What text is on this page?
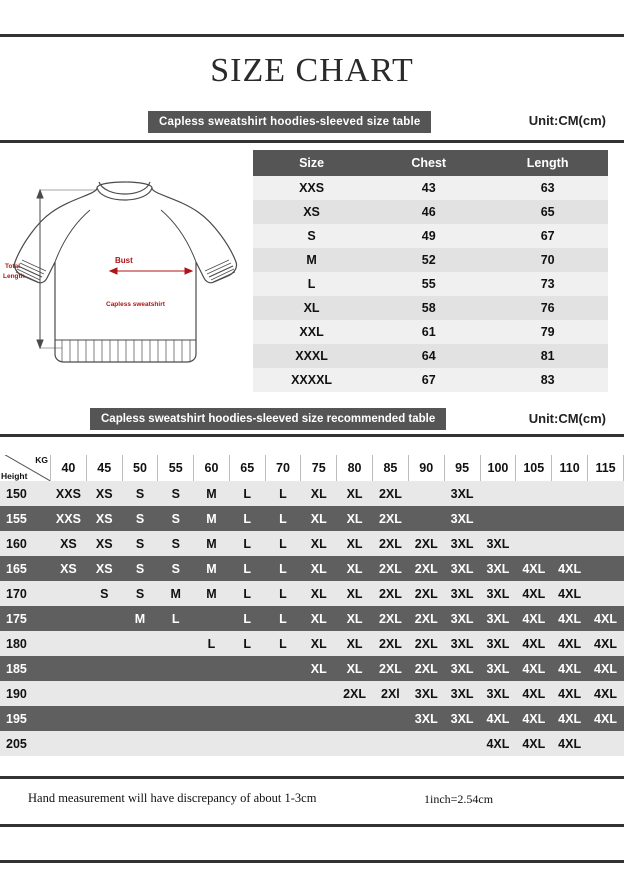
SIZE CHART
Capless sweatshirt hoodies-sleeved size table	Unit:CM(cm)
Bust
Total
Length
Capless sweatshirt
Size	Chest	Length
XXS	43	63
XS	46	65
S	49	67
M	52	70
L	55	73
XL	58	76
XXL	61	79
XXXL	64	81
XXXXL	67	83
Capless sweatshirt hoodies-sleeved size recommended table	Unit:CM(cm)
KG
Height	40	45	50	55	60	65	70	75	80	85	90	95	100	105	110	115
150	XXS	XS	S	S	M	L	L	XL	XL	2XL		3XL				
155	XXS	XS	S	S	M	L	L	XL	XL	2XL		3XL				
160	XS	XS	S	S	M	L	L	XL	XL	2XL	2XL	3XL	3XL			
165	XS	XS	S	S	M	L	L	XL	XL	2XL	2XL	3XL	3XL	4XL	4XL	
170		S	S	M	M	L	L	XL	XL	2XL	2XL	3XL	3XL	4XL	4XL	
175			M	L		L	L	XL	XL	2XL	2XL	3XL	3XL	4XL	4XL	4XL
180					L	L	L	XL	XL	2XL	2XL	3XL	3XL	4XL	4XL	4XL
185								XL	XL	2XL	2XL	3XL	3XL	4XL	4XL	4XL
190									2XL	2Xl	3XL	3XL	3XL	4XL	4XL	4XL
195											3XL	3XL	4XL	4XL	4XL	4XL
205													4XL	4XL	4XL	
Hand measurement will have discrepancy of about 1-3cm	1inch=2.54cm
